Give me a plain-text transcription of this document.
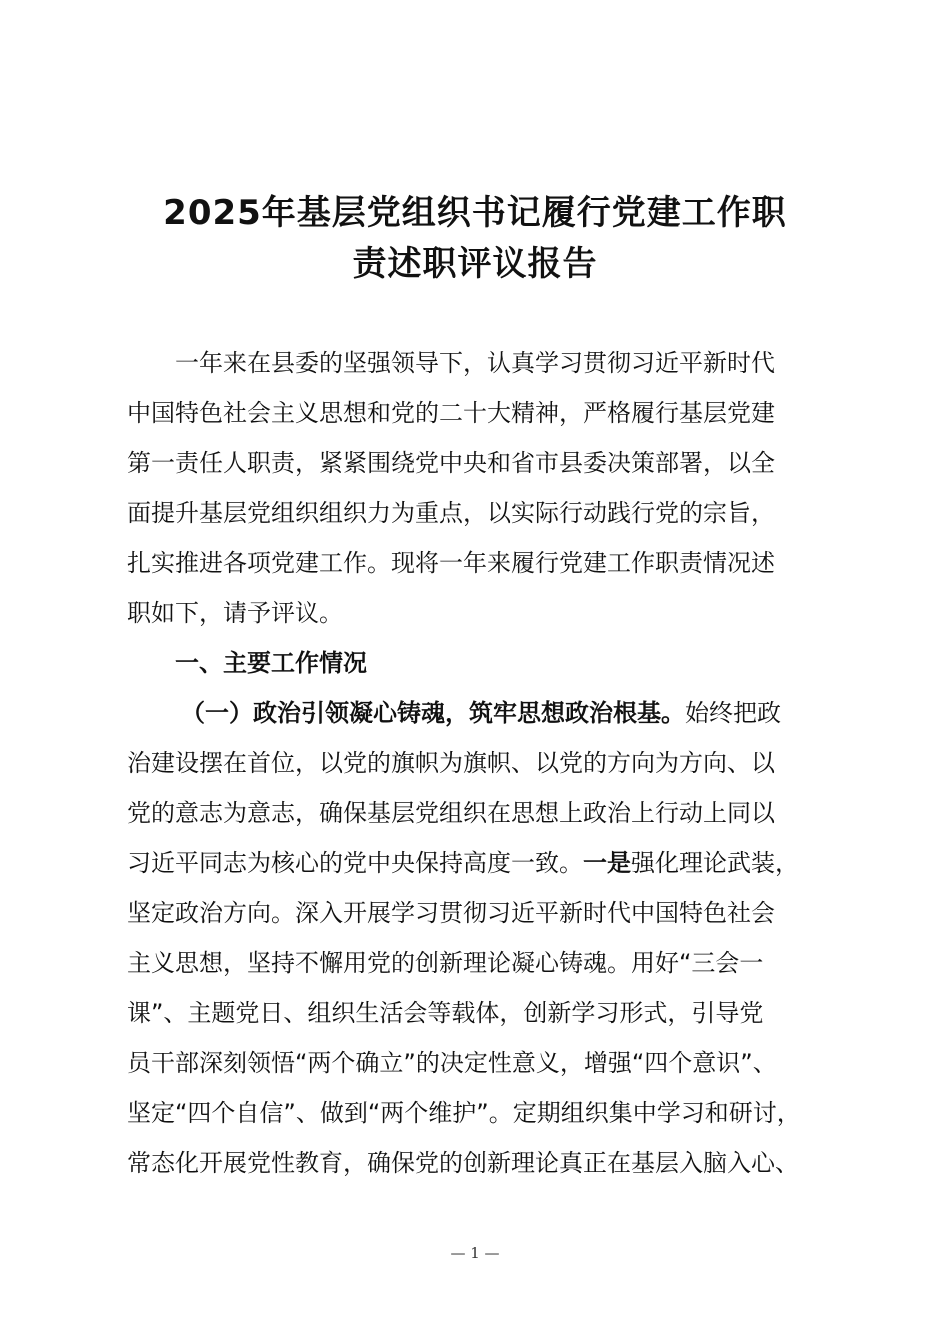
2025年基层党组织书记履行党建工作职
责述职评议报告
一年来在县委的坚强领导下，认真学习贯彻习近平新时代
中国特色社会主义思想和党的二十大精神，严格履行基层党建
第一责任人职责，紧紧围绕党中央和省市县委决策部署，以全
面提升基层党组织组织力为重点，以实际行动践行党的宗旨，
扎实推进各项党建工作。现将一年来履行党建工作职责情况述
职如下，请予评议。
一、主要工作情况
（一）政治引领凝心铸魂，筑牢思想政治根基。始终把政
治建设摆在首位，以党的旗帜为旗帜、以党的方向为方向、以
党的意志为意志，确保基层党组织在思想上政治上行动上同以
习近平同志为核心的党中央保持高度一致。一是强化理论武装，
坚定政治方向。深入开展学习贯彻习近平新时代中国特色社会
主义思想，坚持不懈用党的创新理论凝心铸魂。用好“三会一
课”、主题党日、组织生活会等载体，创新学习形式，引导党
员干部深刻领悟“两个确立”的决定性意义，增强“四个意识”、
坚定“四个自信”、做到“两个维护”。定期组织集中学习和研讨，
常态化开展党性教育，确保党的创新理论真正在基层入脑入心、
— 1 —
